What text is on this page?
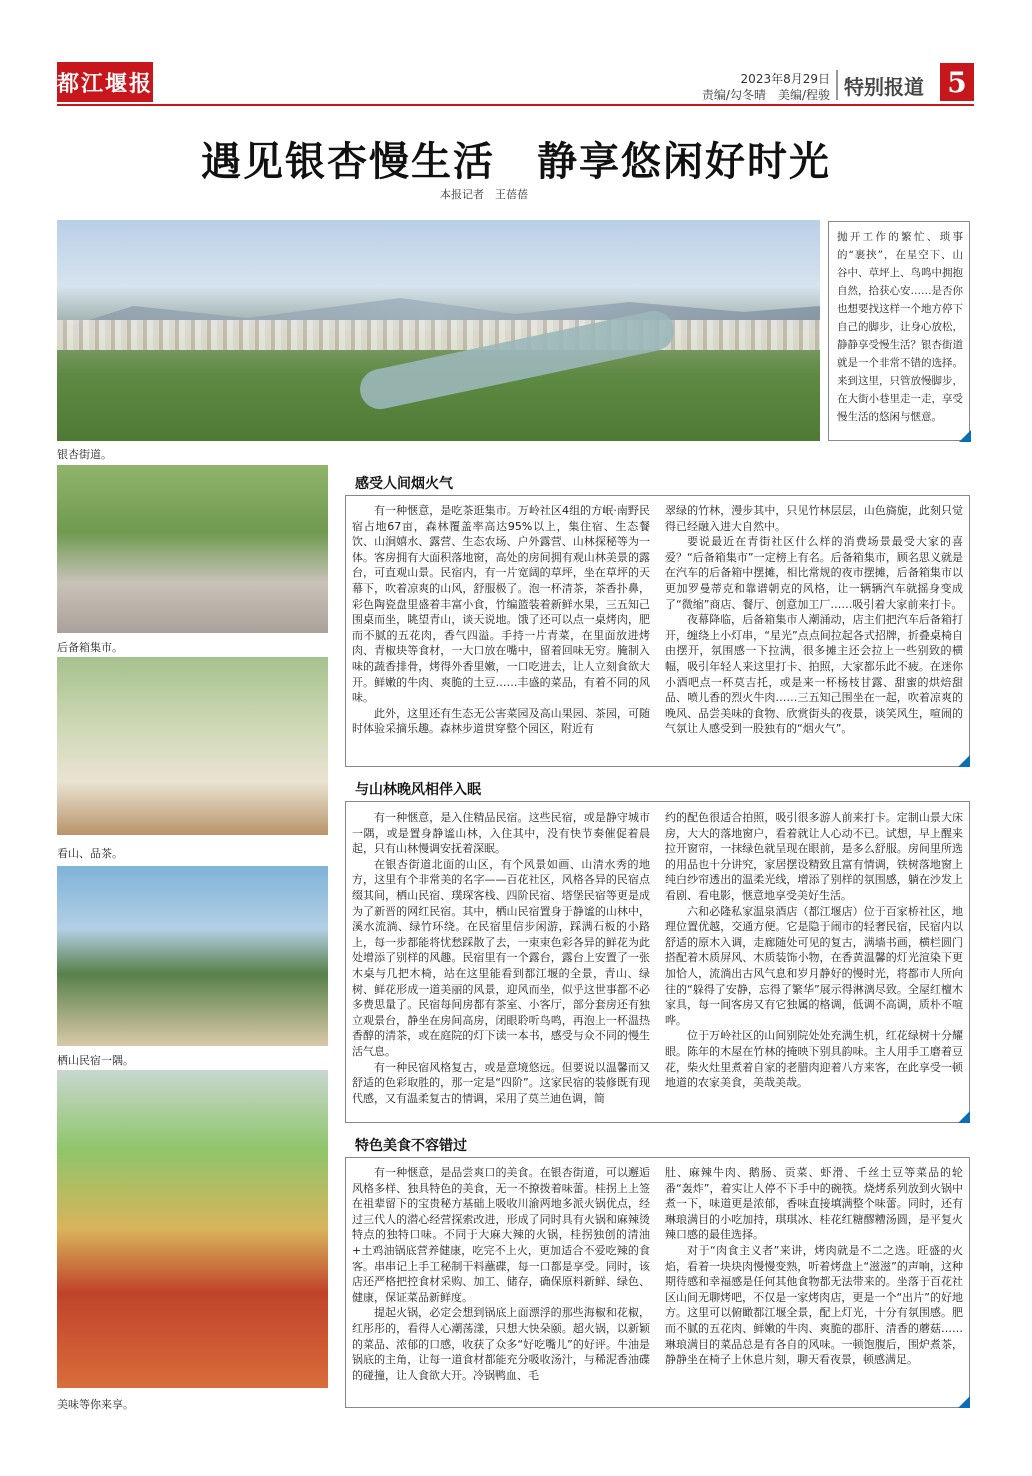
都江堰报	2023年8月29日
责编/勾冬晴　美编/程骏 特别报道 5
遇见银杏慢生活　静享悠闲好时光
本报记者　王蓓蓓
银杏街道。
抛开工作的繁忙、琐事的“裹挟”，在星空下、山谷中、草坪上、鸟鸣中拥抱自然，拾获心安……是否你也想要找这样一个地方停下自己的脚步，让身心放松，静静享受慢生活？银杏街道就是一个非常不错的选择。来到这里，只管放慢脚步，在大街小巷里走一走，享受慢生活的悠闲与惬意。
后备箱集市。
看山、品茶。
栖山民宿一隅。
美味等你来享。
感受人间烟火气

有一种惬意，是吃茶逛集市。万岭社区4组的方岷·南野民宿占地67亩，森林覆盖率高达95%以上，集住宿、生态餐饮、山涧嬉水、露营、生态农场、户外露营、山林探秘等为一体。客房拥有大面积落地窗，高处的房间拥有观山林美景的露台，可直观山景。民宿内，有一片宽阔的草坪，坐在草坪的天幕下，吹着凉爽的山风，舒服极了。泡一杯清茶，茶香扑鼻，彩色陶瓷盘里盛着丰富小食，竹编篮装着新鲜水果，三五知己围桌而坐，眺望青山，谈天说地。饿了还可以点一桌烤肉，肥而不腻的五花肉，香气四溢。手持一片青菜，在里面放进烤肉、青椒块等食材，一大口放在嘴中，留着回味无穷。腌制入味的蔬香排骨，烤得外香里嫩，一口吃进去，让人立刻食欲大开。鲜嫩的牛肉、爽脆的土豆……丰盛的菜品，有着不同的风味。

此外，这里还有生态无公害菜园及高山果园、茶园，可随时体验采摘乐趣。森林步道贯穿整个园区，附近有

翠绿的竹林，漫步其中，只见竹林层层，山色旖旎，此刻只觉得已经融入进大自然中。

要说最近在青街社区什么样的消费场景最受大家的喜爱？“后备箱集市”一定榜上有名。后备箱集市，顾名思义就是在汽车的后备箱中摆摊，相比常规的夜市摆摊，后备箱集市以更加罗曼蒂克和靠谱朝克的风格，让一辆辆汽车就摇身变成了“微缩”商店、餐厅、创意加工厂……吸引着大家前来打卡。

夜幕降临，后备箱集市人潮涌动，店主们把汽车后备箱打开，缠绕上小灯串，“星光”点点间拉起各式招牌，折叠桌椅自由摆开，氛围感一下拉满，很多摊主还会拉上一些别致的横幅，吸引年轻人来这里打卡、拍照，大家都乐此不疲。在迷你小酒吧点一杯莫吉托，或是来一杯杨枝甘露、甜蜜的烘焙甜品、喷儿香的烈火牛肉……三五知己围坐在一起，吹着凉爽的晚风、品尝美味的食物、欣赏街头的夜景，谈笑风生，喧闹的气氛让人感受到一股独有的“烟火气”。

与山林晚风相伴入眠

有一种惬意，是入住精品民宿。这些民宿，或是静守城市一隅，或是置身静谧山林，入住其中，没有快节奏催促着晨起，只有山林慢调安抚着深眠。

在银杏街道北面的山区，有个风景如画、山清水秀的地方，这里有个非常美的名字——百花社区，风格各异的民宿点缀其间，栖山民宿、璞琛客栈、四阶民宿、塔堡民宿等更是成为了新晋的网红民宿。其中，栖山民宿置身于静谧的山林中，溪水流淌、绿竹环绕。在民宿里信步闲游，踩满石板的小路上，每一步都能将忧愁踩散了去，一束束色彩各异的鲜花为此处增添了别样的风趣。民宿里有一个露台，露台上安置了一张木桌与几把木椅，站在这里能看到都江堰的全景，青山、绿树、鲜花形成一道美丽的风景，迎风而坐，似乎这世事都不必多费思量了。民宿每间房都有茶室、小客厅，部分套房还有独立观景台，静坐在房间高房，闭眼聆听鸟鸣，再泡上一杯温热香醇的清茶，或在庭院的灯下读一本书，感受与众不同的慢生活气息。

有一种民宿风格复古，或是意境悠远。但要说以温馨而又舒适的色彩取胜的，那一定是“四阶”。这家民宿的装修既有现代感，又有温柔复古的情调，采用了莫兰迪色调，简

约的配色很适合拍照，吸引很多游人前来打卡。定制山景大床房，大大的落地窗户，看着就让人心动不已。试想，早上醒来拉开窗帘，一抹绿色就呈现在眼前，是多么舒服。房间里所选的用品也十分讲究，家居摆设精致且富有情调，铁树落地窗上纯白纱帘透出的温柔光线，增添了别样的氛围感，躺在沙发上看剧、看电影，惬意地享受美好生活。

六和必隆私家温泉酒店（都江堰店）位于百家桥社区，地理位置优越，交通方便。它是隐于闹市的轻奢民宿，民宿内以舒适的原木入调，走廊随处可见的复古，满墙书画，横栏圆门搭配着木质屏风、木质装饰小物，在香黄温馨的灯光渲染下更加恰人，流淌出古风气息和岁月静好的慢时光，将都市人所向往的“躲得了安静，忘得了繁华”展示得淋漓尽致。全屋红檀木家具，每一间客房又有它独属的格调，低调不高调，质朴不喧哗。

位于万岭社区的山间别院处处充满生机，红花绿树十分耀眼。陈年的木屋在竹林的掩映下别具韵味。主人用手工磨着豆花，柴火灶里煮着自家的老腊肉迎着八方来客，在此享受一顿地道的农家美食，美哉美哉。

特色美食不容错过

有一种惬意，是品尝爽口的美食。在银杏街道，可以邂逅风格多样、独具特色的美食，无一不撩拨着味蕾。桂拐上上签在祖辈留下的宝贵秘方基础上吸收川渝两地多派火锅优点，经过三代人的潜心经营探索改进，形成了同时具有火锅和麻辣烫特点的独特口味。不同于大麻大辣的火锅，桂拐独创的清油+土鸡油锅底营养健康，吃完不上火，更加适合不爱吃辣的食客。串串记上手工秘制干料蘸碟，每一口都是享受。同时，该店还严格把控食材采购、加工、储存，确保原料新鲜、绿色、健康，保证菜品新鲜度。

提起火锅，必定会想到锅底上面漂浮的那些海椒和花椒，红彤彤的，看得人心潮荡漾，只想大快朵颐。超火锅，以新颖的菜品、浓郁的口感，收获了众多“好吃嘴儿”的好评。牛油是锅底的主角，让每一道食材都能充分吸收汤汁，与稀泥香油碟的碰撞，让人食欲大开。冷锅鸭血、毛

肚、麻辣牛肉、鹅肠、贡菜、虾滑、千丝土豆等菜品的轮番“轰炸”，着实让人停不下手中的碗筷。烧烤系列放到火锅中煮一下，味道更是浓郁，香味直接填满整个味蕾。同时，还有琳琅满目的小吃加持，琪琪冰、桂花红糖醪糟汤圆，是平复火辣口感的最佳选择。

对于“肉食主义者”来讲，烤肉就是不二之选。旺盛的火焰，看着一块块肉慢慢变熟，听着烤盘上“滋滋”的声响，这种期待感和幸福感是任何其他食物都无法带来的。坐落于百花社区山间无聊烤吧，不仅是一家烤肉店，更是一个“出片”的好地方。这里可以俯瞰都江堰全景，配上灯光，十分有氛围感。肥而不腻的五花肉、鲜嫩的牛肉、爽脆的郡肝、清香的蘑菇……琳琅满目的菜品总是有各自的风味。一顿饱腹后，围炉煮茶，静静坐在椅子上休息片刻，聊天看夜景，顿感满足。
